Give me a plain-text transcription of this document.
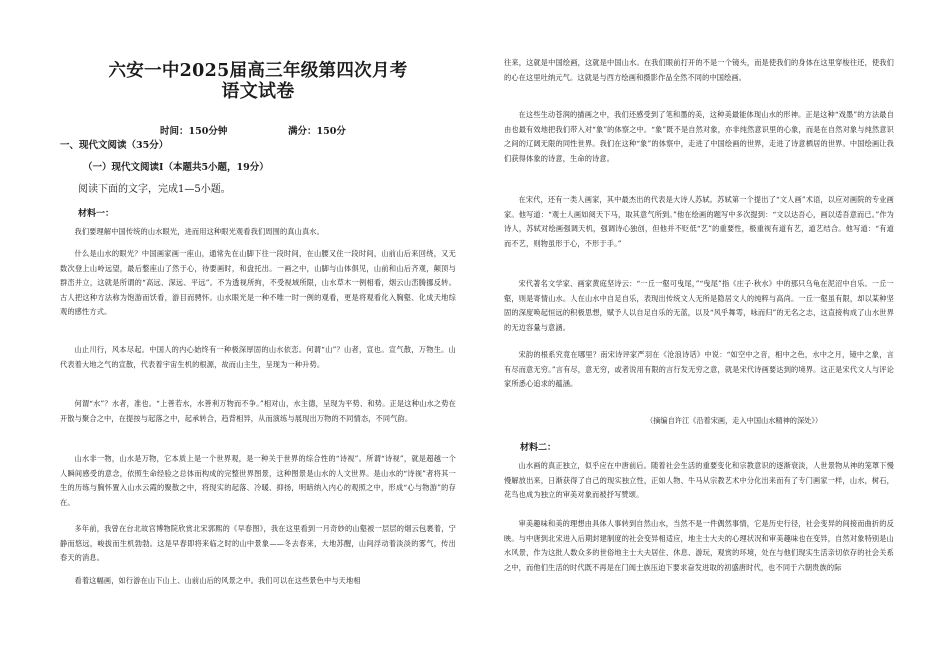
六安一中2025届高三年级第四次月考
语文试卷
时间：150分钟	满分：150分
一、现代文阅读（35分）
（一）现代文阅读Ⅰ（本题共5小题，19分）
阅读下面的文字，完成1—5小题。
材料一：
我们要理解中国传统的山水眼光，进而用这种眼光观看我们周围的真山真水。
什么是山水的眼光？中国画家画一座山，通常先在山脚下往一段时间，在山腰又住一段时间，山前山后来回绕，又无数次登上山岭远望，最后整座山了然于心，待要画时，和盘托出。一画之中，山脚与山体俱见，山前和山后齐观，颠顶与群峦并立，这就是所谓的“高远、深远、平远”。不为透视所拘，不受视域所限，山水草木一例相看，烟云山峦腾挪反转。古人把这种方法称为饱游而饫看，游目而骋怀。山水眼光是一种不唯一时一例的观看，更是将观看化入胸壑、化成天地综观的感性方式。
山止川行，风本尽起。中国人的内心始终有一种极深厚固的山水依恋。何谓“山”？山者，宣也。宣气散，万物生。山代表着大地之气的宣散，代表着宇宙生机的根源，故而山主生，呈现为一种升势。
何谓“水”？水者，准也。“上善若水，水善利万物而不争。”相对山，水主德，呈现为平势、和势。正是这种山水之势在开散与聚合之中，在提按与起落之中，起承转合，趋背相异，从而演练与展现出万物的不同情态，不同气韵。
山水非一物，山水是万物，它本质上是一个世界观，是一种关于世界的综合性的“诗视”。所谓“诗视”，就是超越一个人瞬间感受的意念，依照生命经验之总体而构成的完整世界图景，这种图景是山水的人文世界。是山水的“诗视”者将其一生的历练与胸怀置入山水云霞的聚散之中，将现实的起落、冷暖、抑扬，明暗纳入内心的观照之中，形成“心与物游”的存在。
多年前，我曾在台北故宫博物院欣赏北宋郭熙的《早春图》，我在这里看到一月奇妙的山壑被一层层的烟云包裹着，宁静而悠远，峻拔而生机勃勃。这是早春即将来临之时的山中景象——冬去春来，大地苏醒，山间浮动着淡淡的雾气，传出春天的消息。
看着这幅画，如行游在山下山上、山前山后的风景之中。我们可以在这些景色中与天地相
往来，这就是中国绘画，这就是中国山水。在我们眼前打开的不是一个镜头，而是使我们的身体在这里穿梭往还，使我们的心在这里吐纳元气。这就是与西方绘画和摄影作品全然不同的中国绘画。
在这些生动苍润的描画之中，我们还感受到了笔和墨的美，这种美最能体现山水的形神。正是这种“戏墨”的方法最自由也最有效地把我们带入对“象”的体察之中。“象”既不是自然对象，亦非纯然意识里的心象，而是在自然对象与纯然意识之间的辽阔无限的同性世界。我们在这种“象”的体察中，走进了中国绘画的世界，走进了诗意栖居的世界。中国绘画让我们获得体象的诗意，生命的诗意。
在宋代，还有一类人画家，其中最杰出的代表是大诗人苏轼。苏轼第一个提出了“文人画”术语，以应对画院的专业画家。他写道：“观士人画如阅天下马，取其意气所到。”他在绘画的题写中多次提到：“文以达吾心，画以适吾意而已。”作为诗人，苏轼对绘画强调天机，强调诗心独创，但他并不贬低“艺”的重要性，极重视有道有艺，道艺结合。他写道：“有道而不艺，则物虽形于心，不形于手。”
宋代著名文学家、画家黄庭坚诗云：“一丘一壑可曳尾，”“曳尾”指《庄子·秋水》中的那只乌龟在泥沼中自乐。一丘一壑，则是寄情山水。人在山水中自足自乐，表现出传统文人无所是隐居文人的纯粹与高尚。一丘一壑虽有限，却以某种坚固的深度唤起恒远的积极思想，赋予人以自足自乐的无蓝，以及“风乎舞雩，咏而归”的无名之志，这直接构成了山水世界的无边容量与意涵。
宋韵的根系究竟在哪里？南宋诗评家严羽在《沧浪诗话》中说：“如空中之音，相中之色，水中之月，镜中之象，言有尽而意无穷。”言有尽，意无穷，或者说用有限的言行发无穷之意，就是宋代诗画要达到的境界。这正是宋代文人与评论家所悉心追求的蕴涵。
（摘编自许江《沿着宋画，走入中国山水精神的深处》）
材料二：
山水画的真正独立，似乎应在中唐前后。随着社会生活的重要变化和宗教意识的逐渐衰淡，人世景物从神的笼罩下慢慢解放出来，日渐获得了自己的现实独立性，正如人物、牛马从宗教艺术中分化出来而有了专门画家一样，山水，树石，花鸟也成为独立的审美对象而被抒写赞颂。
审美趣味和美的理想由具体人事转到自然山水，当然不是一件偶然事情，它是历史行径，社会变异的间接而曲折的反映。与中唐到北宋进入后期封建制度的社会变异相适应，地主士大夫的心理状况和审美趣味也在变异，自然对象特别是山水风景，作为这批人数众多的世俗地主士大夫居住、休息、游玩，观赏的环境，处在与他们现实生活亲切依存的社会关系之中，而他们生活的时代既不再是在门阀士族压迫下要求奋发进取的初盛唐时代，也不同于六朝贵族的际
